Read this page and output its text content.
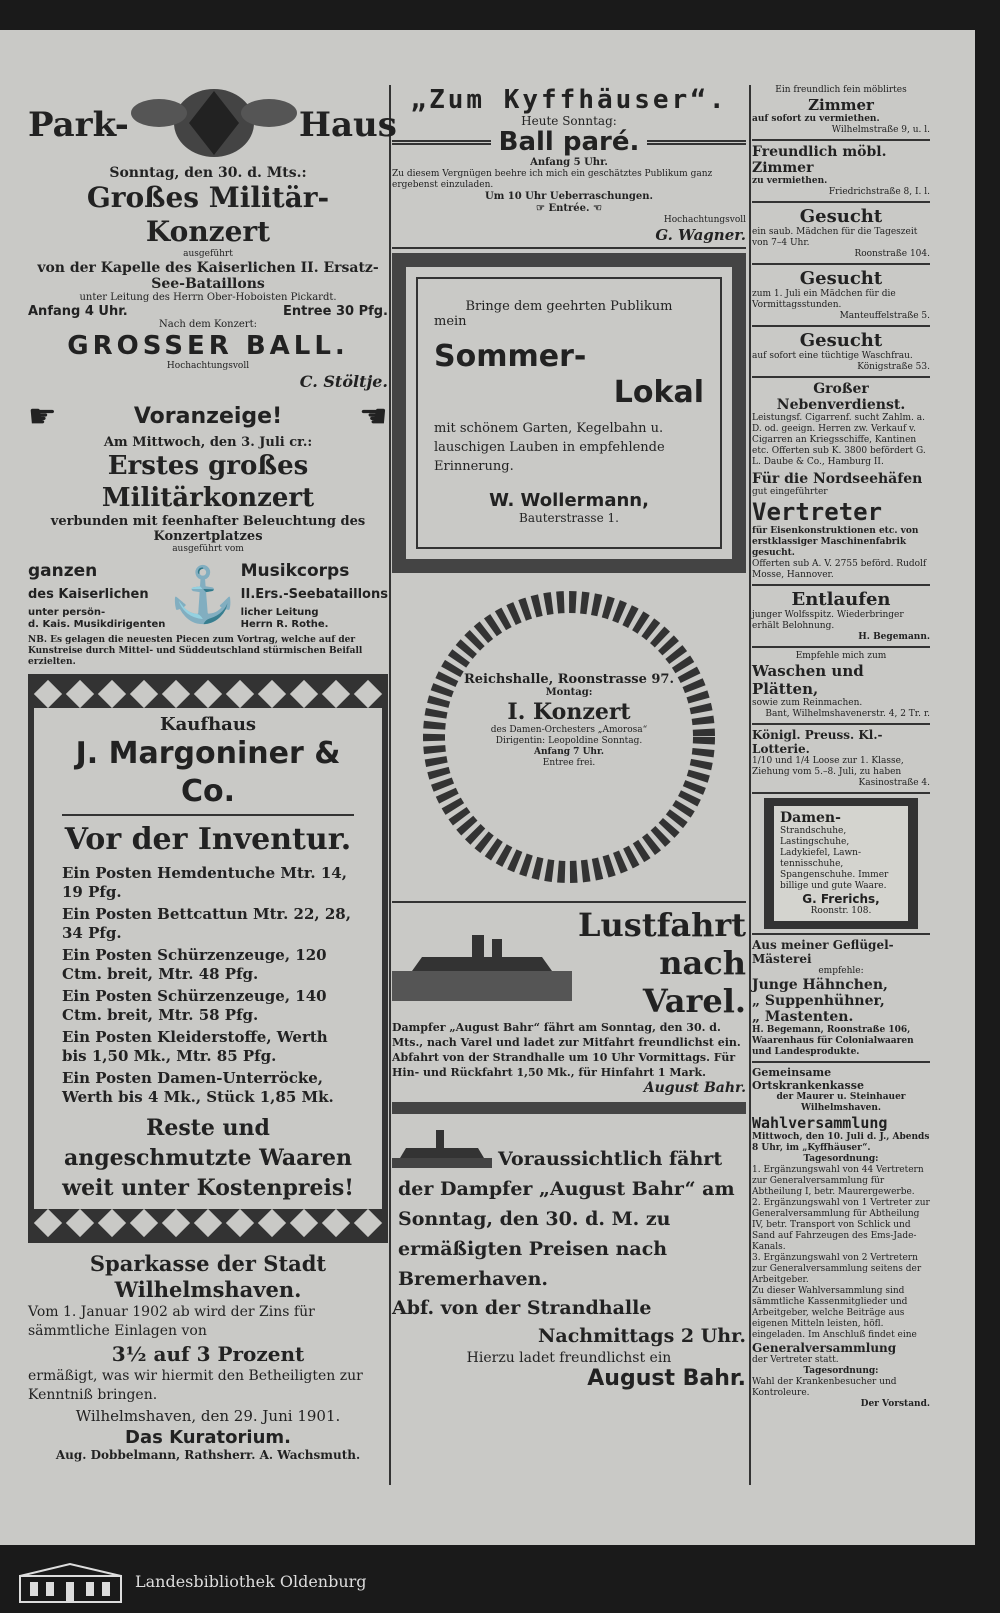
Park-	Haus

Sonntag, den 30. d. Mts.:

Großes Militär-Konzert

ausgeführt

von der Kapelle des Kaiserlichen II. Ersatz-See-Bataillons

unter Leitung des Herrn Ober-Hoboisten Pickardt.

Anfang 4 Uhr.	Entree 30 Pfg.

Nach dem Konzert:

GROSSER BALL.

Hochachtungsvoll

C. Stöltje.

☛	Voranzeige! ☛

Am Mittwoch, den 3. Juli cr.:

Erstes großes Militärkonzert

verbunden mit feenhafter Beleuchtung des Konzertplatzes

ausgeführt vom

ganzen

des Kaiserlichen

unter persön-

d. Kais. Musikdirigenten ⚓ Musikcorps

II.Ers.-Seebataillons

licher Leitung

Herrn R. Rothe.

NB. Es gelagen die neuesten Piecen zum Vortrag, welche auf der Kunstreise durch Mittel- und Süddeutschland stürmischen Beifall erzielten.

Kaufhaus

J. Margoniner & Co.

Vor der Inventur.

Ein Posten Hemdentuche Mtr. 14, 19 Pfg.

Ein Posten Bettcattun Mtr. 22, 28, 34 Pfg.

Ein Posten Schürzenzeuge, 120 Ctm. breit, Mtr. 48 Pfg.

Ein Posten Schürzenzeuge, 140 Ctm. breit, Mtr. 58 Pfg.

Ein Posten Kleiderstoffe, Werth bis 1,50 Mk., Mtr. 85 Pfg.

Ein Posten Damen-Unterröcke, Werth bis 4 Mk., Stück 1,85 Mk.

Reste und angeschmutzte Waaren weit unter Kostenpreis!

Sparkasse der Stadt Wilhelmshaven.

Vom 1. Januar 1902 ab wird der Zins für sämmtliche Einlagen von

3½ auf 3 Prozent

ermäßigt, was wir hiermit den Betheiligten zur Kenntniß bringen.

Wilhelmshaven, den 29. Juni 1901.

Das Kuratorium.

Aug. Dobbelmann, Rathsherr. A. Wachsmuth.

„Zum Kyffhäuser“.

Heute Sonntag:

Ball paré.

Anfang 5 Uhr.

Zu diesem Vergnügen beehre ich mich ein geschätztes Publikum ganz ergebenst einzuladen.

Um 10 Uhr Ueberraschungen.

☞ Entrée. ☜

Hochachtungsvoll

G. Wagner.

Bringe dem geehrten Publikum

mein

Sommer-

Lokal

mit schönem Garten, Kegelbahn u. lauschigen Lauben in empfehlende Erinnerung.

W. Wollermann,

Bauterstrasse 1.

Reichshalle, Roonstrasse 97.

Montag:

I. Konzert

des Damen-Orchesters „Amorosa“

Dirigentin: Leopoldine Sonntag.

Anfang 7 Uhr.

Entree frei.

Lustfahrt

nach Varel.

Dampfer „August Bahr“ fährt am Sonntag, den 30. d. Mts., nach Varel und ladet zur Mitfahrt freundlichst ein. Abfahrt von der Strandhalle um 10 Uhr Vormittags. Für Hin- und Rückfahrt 1,50 Mk., für Hinfahrt 1 Mark.

August Bahr.

Voraussichtlich fährt der Dampfer „August Bahr“ am Sonntag, den 30. d. M. zu ermäßigten Preisen nach Bremerhaven.

Abf. von der Strandhalle

Nachmittags 2 Uhr.

Hierzu ladet freundlichst ein

August Bahr.

Ein freundlich fein möblirtes

Zimmer

auf sofort zu vermiethen.

Wilhelmstraße 9, u. l.

Freundlich möbl. Zimmer

zu vermiethen.

Friedrichstraße 8, I. l.

Gesucht

ein saub. Mädchen für die Tageszeit von 7–4 Uhr.

Roonstraße 104.

Gesucht

zum 1. Juli ein Mädchen für die Vormittagsstunden.

Manteuffelstraße 5.

Gesucht

auf sofort eine tüchtige Waschfrau.

Königstraße 53.

Großer Nebenverdienst.

Leistungsf. Cigarrenf. sucht Zahlm. a. D. od. geeign. Herren zw. Verkauf v. Cigarren an Kriegsschiffe, Kantinen etc. Offerten sub K. 3800 befördert G. L. Daube & Co., Hamburg II.

Für die Nordseehäfen

gut eingeführter

Vertreter

für Eisenkonstruktionen etc. von erstklassiger Maschinenfabrik gesucht.

Offerten sub A. V. 2755 beförd. Rudolf Mosse, Hannover.

Entlaufen

junger Wolfsspitz. Wiederbringer erhält Belohnung.

H. Begemann.

Empfehle mich zum

Waschen und Plätten,

sowie zum Reinmachen.

Bant, Wilhelmshavenerstr. 4, 2 Tr. r.

Königl. Preuss. Kl.-Lotterie.

1/10 und 1/4 Loose zur 1. Klasse, Ziehung vom 5.–8. Juli, zu haben

Kasinostraße 4.

Damen-

Strandschuhe, Lastingschuhe, Ladykiefel, Lawn-tennisschuhe, Spangenschuhe. Immer billige und gute Waare.

G. Frerichs,

Roonstr. 108.

Aus meiner Geflügel-Mästerei

empfehle:

Junge Hähnchen,

„ Suppenhühner,

„ Mastenten.

H. Begemann, Roonstraße 106, Waarenhaus für Colonialwaaren und Landesprodukte.

Gemeinsame Ortskrankenkasse

der Maurer u. Steinhauer Wilhelmshaven.

Wahlversammlung

Mittwoch, den 10. Juli d. J., Abends 8 Uhr, im „Kyffhäuser“.

Tagesordnung:

1. Ergänzungswahl von 44 Vertretern zur Generalversammlung für Abtheilung I, betr. Maurergewerbe.

2. Ergänzungswahl von 1 Vertreter zur Generalversammlung für Abtheilung IV, betr. Transport von Schlick und Sand auf Fahrzeugen des Ems-Jade-Kanals.

3. Ergänzungswahl von 2 Vertretern zur Generalversammlung seitens der Arbeitgeber.

Zu dieser Wahlversammlung sind sämmtliche Kassenmitglieder und Arbeitgeber, welche Beiträge aus eigenen Mitteln leisten, höfl. eingeladen. Im Anschluß findet eine

Generalversammlung

der Vertreter statt.

Tagesordnung:

Wahl der Krankenbesucher und Kontroleure.

Der Vorstand.

Landesbibliothek Oldenburg
